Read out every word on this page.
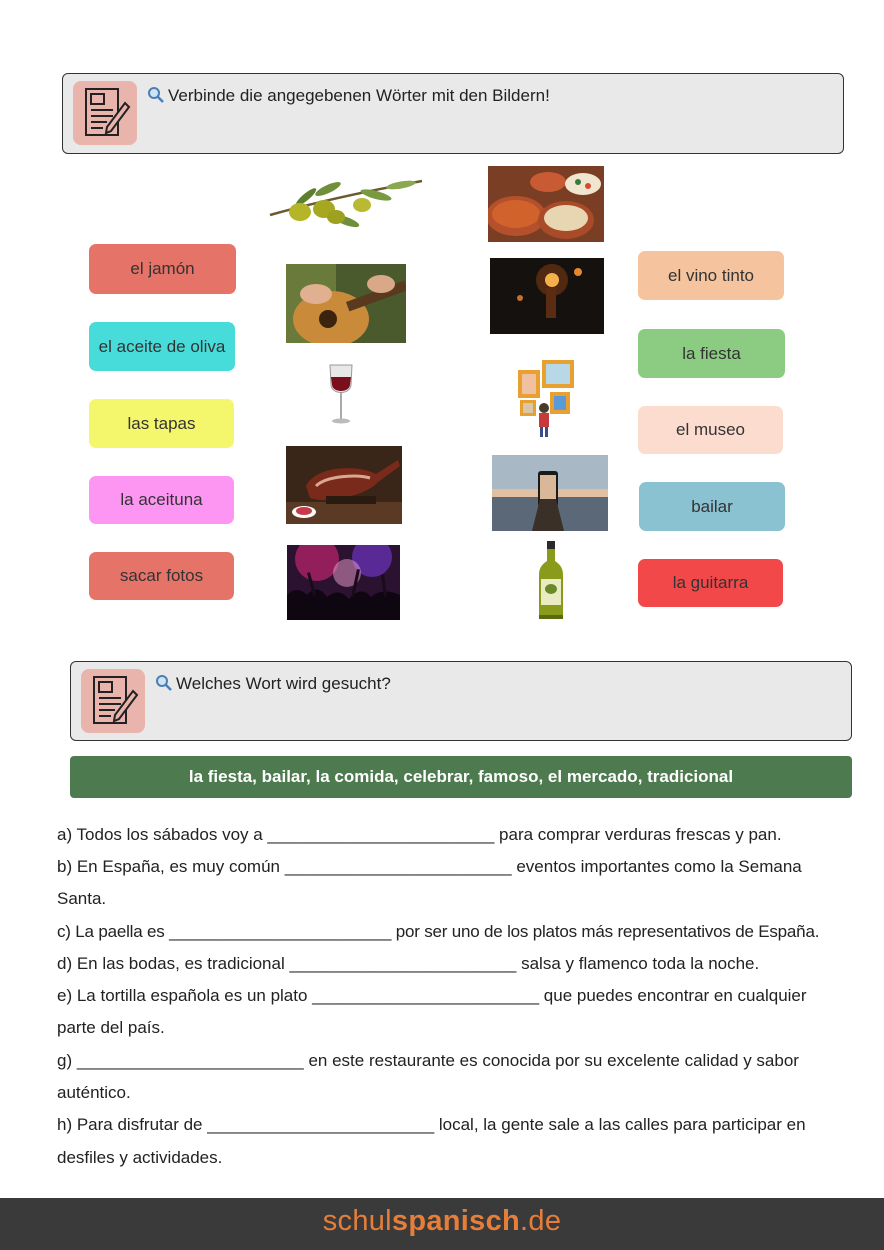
Verbinde die angegebenen Wörter mit den Bildern!
el jamón
el aceite de oliva
las tapas
la aceituna
sacar fotos
el vino tinto
la fiesta
el museo
bailar
la guitarra
Welches Wort wird gesucht?
la fiesta, bailar, la comida, celebrar, famoso, el mercado, tradicional
a) Todos los sábados voy a ________________________ para comprar verduras frescas y pan.
b) En España, es muy común ________________________ eventos importantes como la Semana
Santa.
c) La paella es ________________________ por ser uno de los platos más representativos de España.
d) En las bodas, es tradicional ________________________ salsa y flamenco toda la noche.
e) La tortilla española es un plato ________________________ que puedes encontrar en cualquier
parte del país.
g) ________________________ en este restaurante es conocida por su excelente calidad y sabor
auténtico.
h) Para disfrutar de ________________________ local, la gente sale a las calles para participar en
desfiles y actividades.
schulspanisch.de
